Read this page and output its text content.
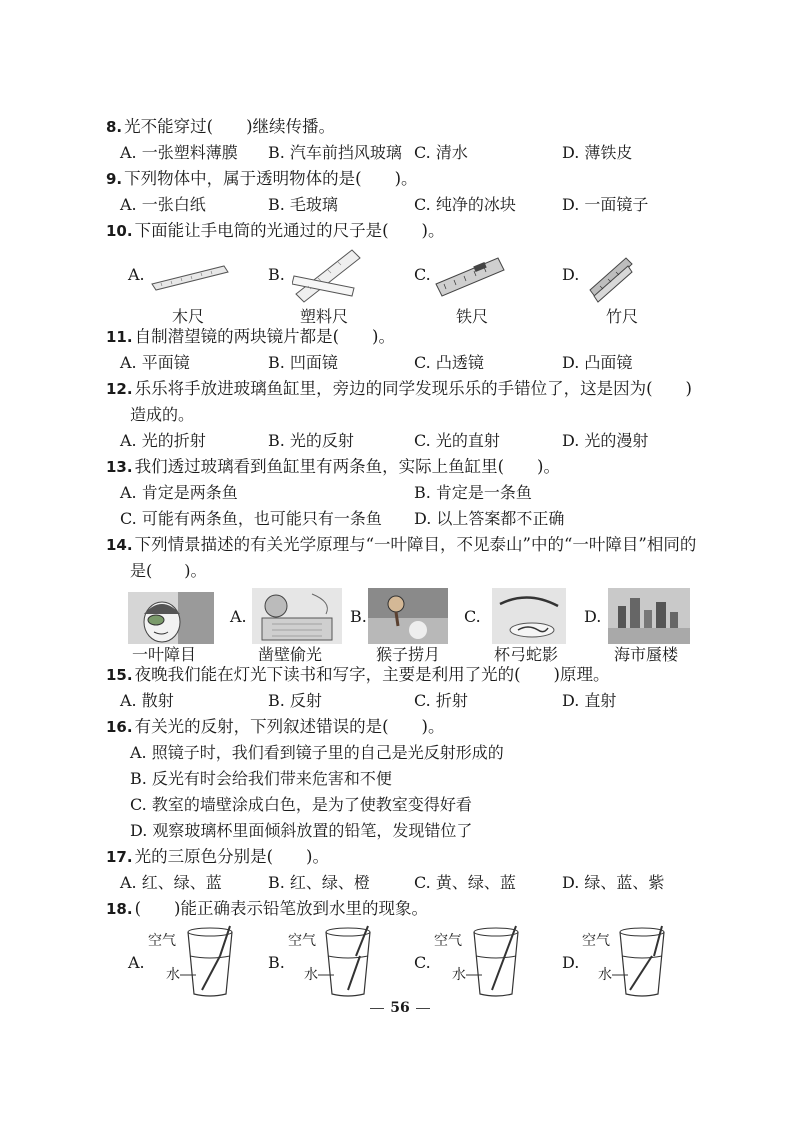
8. 光不能穿过(　　)继续传播。
A. 一张塑料薄膜 B. 汽车前挡风玻璃 C. 清水	D. 薄铁皮
9. 下列物体中，属于透明物体的是(　　)。
A. 一张白纸	B. 毛玻璃	C. 纯净的冰块	D. 一面镜子
10. 下面能让手电筒的光通过的尺子是(　　)。
A.	B.	C.	D.
木尺	塑料尺	铁尺	竹尺
11. 自制潜望镜的两块镜片都是(　　)。
A. 平面镜	B. 凹面镜	C. 凸透镜	D. 凸面镜
12. 乐乐将手放进玻璃鱼缸里，旁边的同学发现乐乐的手错位了，这是因为(　　)
造成的。
A. 光的折射	B. 光的反射	C. 光的直射	D. 光的漫射
13. 我们透过玻璃看到鱼缸里有两条鱼，实际上鱼缸里(　　)。
A. 肯定是两条鱼	B. 肯定是一条鱼
C. 可能有两条鱼，也可能只有一条鱼 D. 以上答案都不正确
14. 下列情景描述的有关光学原理与“一叶障目，不见泰山”中的“一叶障目”相同的
是(　　)。
A.	B.	C.	D.
一叶障目	凿壁偷光	猴子捞月	杯弓蛇影	海市蜃楼
15. 夜晚我们能在灯光下读书和写字，主要是利用了光的(　　)原理。
A. 散射	B. 反射	C. 折射	D. 直射
16. 有关光的反射，下列叙述错误的是(　　)。
A. 照镜子时，我们看到镜子里的自己是光反射形成的
B. 反光有时会给我们带来危害和不便
C. 教室的墙壁涂成白色，是为了使教室变得好看
D. 观察玻璃杯里面倾斜放置的铅笔，发现错位了
17. 光的三原色分别是(　　)。
A. 红、绿、蓝	B. 红、绿、橙	C. 黄、绿、蓝	D. 绿、蓝、紫
18. (　　)能正确表示铅笔放到水里的现象。
A.
空气
水
B.
空气
水
C.
空气
水
D.
空气
水
56
